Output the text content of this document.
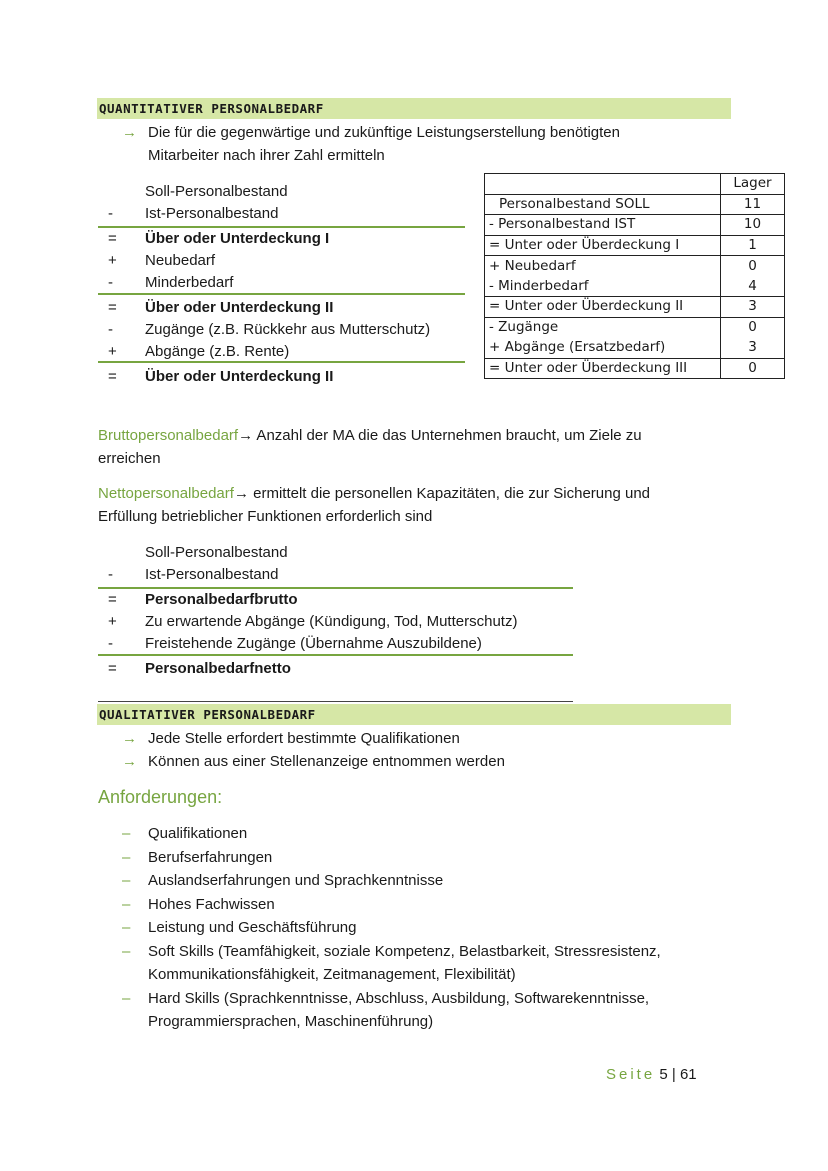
QUANTITATIVER PERSONALBEDARF
→ Die für die gegenwärtige und zukünftige Leistungserstellung benötigten
Mitarbeiter nach ihrer Zahl ermitteln
Soll-Personalbestand
-	Ist-Personalbestand
=	Über oder Unterdeckung I
+	Neubedarf
-	Minderbedarf
=	Über oder Unterdeckung II
-	Zugänge (z.B. Rückkehr aus Mutterschutz)
+	Abgänge (z.B. Rente)
=	Über oder Unterdeckung II
	Lager
Personalbestand SOLL	11
- Personalbestand IST	10
= Unter oder Überdeckung I	1
+ Neubedarf	0
- Minderbedarf	4
= Unter oder Überdeckung II	3
- Zugänge	0
+ Abgänge (Ersatzbedarf)	3
= Unter oder Überdeckung III	0
Bruttopersonalbedarf→ Anzahl der MA die das Unternehmen braucht, um Ziele zu
erreichen
Nettopersonalbedarf→ ermittelt die personellen Kapazitäten, die zur Sicherung und
Erfüllung betrieblicher Funktionen erforderlich sind
Soll-Personalbestand
-	Ist-Personalbestand
=	Personalbedarfbrutto
+	Zu erwartende Abgänge (Kündigung, Tod, Mutterschutz)
-	Freistehende Zugänge (Übernahme Auszubildene)
=	Personalbedarfnetto
QUALITATIVER PERSONALBEDARF
→ Jede Stelle erfordert bestimmte Qualifikationen
→ Können aus einer Stellenanzeige entnommen werden
Anforderungen:
– Qualifikationen
– Berufserfahrungen
– Auslandserfahrungen und Sprachkenntnisse
– Hohes Fachwissen
– Leistung und Geschäftsführung
– Soft Skills (Teamfähigkeit, soziale Kompetenz, Belastbarkeit, Stressresistenz,
Kommunikationsfähigkeit, Zeitmanagement, Flexibilität)
– Hard Skills (Sprachkenntnisse, Abschluss, Ausbildung, Softwarekenntnisse,
Programmiersprachen, Maschinenführung)
Seite 5 | 61
